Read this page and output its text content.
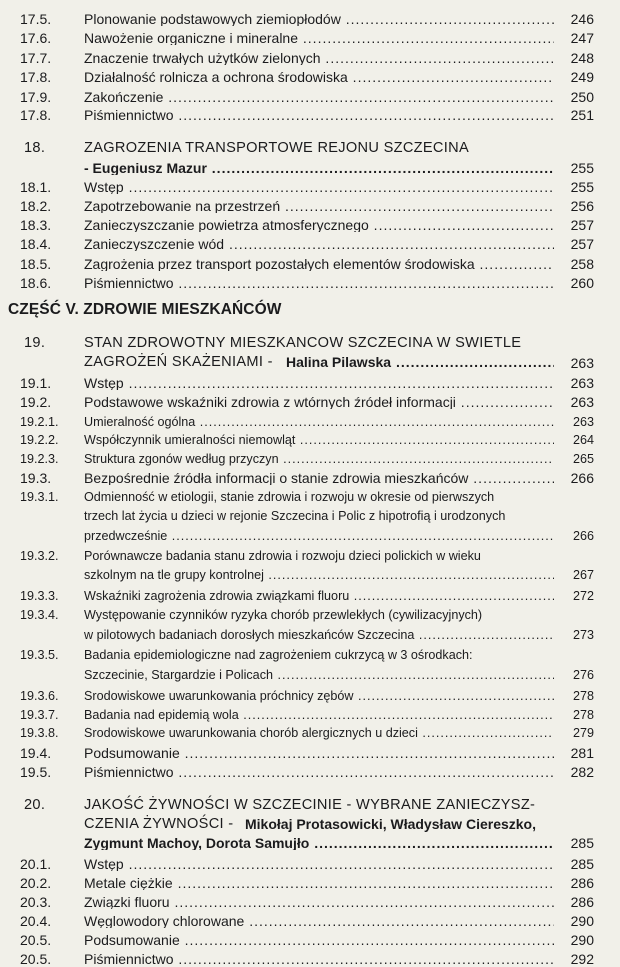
17.5. Plonowanie podstawowych ziemiopłodów .....	246
17.6. Nawożenie organiczne i mineralne .....	247
17.7. Znaczenie trwałych użytków zielonych .....	248
17.8. Działalność rolnicza a ochrona środowiska .....	249
17.9. Zakończenie .....	250
17.8. Piśmiennictwo .....	251
18.	ZAGROŻENIA TRANSPORTOWE REJONU SZCZECINA
- Eugeniusz Mazur .....	255
18.1. Wstęp .....	255
18.2. Zapotrzebowanie na przestrzeń .....	256
18.3. Zanieczyszczanie powietrza atmosferycznego .....	257
18.4. Zanieczyszczenie wód .....	257
18.5. Zagrożenia przez transport pozostałych elementów środowiska .....	258
18.6. Piśmiennictwo .....	260
CZĘŚĆ V. ZDROWIE MIESZKAŃCÓW
19.	STAN ZDROWOTNY MIESZKAŃCÓW SZCZECINA W ŚWIETLE
ZAGROŻEŃ SKAŻENIAMI - Halina Pilawska .....	263
19.1. Wstęp .....	263
19.2. Podstawowe wskaźniki zdrowia z wtórnych źródeł informacji .....	263
19.2.1. Umieralność ogólna .....	263
19.2.2. Współczynnik umieralności niemowląt .....	264
19.2.3. Struktura zgonów według przyczyn .....	265
19.3. Bezpośrednie źródła informacji o stanie zdrowia mieszkańców .....	266
19.3.1. Odmienność w etiologii, stanie zdrowia i rozwoju w okresie od pierwszych
trzech lat życia u dzieci w rejonie Szczecina i Polic z hipotrofią i urodzonych
przedwcześnie .....	266
19.3.2. Porównawcze badania stanu zdrowia i rozwoju dzieci polickich w wieku
szkolnym na tle grupy kontrolnej .....	267
19.3.3. Wskaźniki zagrożenia zdrowia związkami fluoru .....	272
19.3.4. Występowanie czynników ryzyka chorób przewlekłych (cywilizacyjnych)
w pilotowych badaniach dorosłych mieszkańców Szczecina .....	273
19.3.5. Badania epidemiologiczne nad zagrożeniem cukrzycą w 3 ośrodkach:
Szczecinie, Stargardzie i Policach .....	276
19.3.6. Środowiskowe uwarunkowania próchnicy zębów .....	278
19.3.7. Badania nad epidemią wola .....	278
19.3.8. Środowiskowe uwarunkowania chorób alergicznych u dzieci .....	279
19.4. Podsumowanie .....	281
19.5. Piśmiennictwo .....	282
20.	JAKOŚĆ ŻYWNOŚCI W SZCZECINIE - WYBRANE ZANIECZYSZ-
CZENIA ŻYWNOŚCI - Mikołaj Protasowicki, Władysław Ciereszko,
Zygmunt Machoy, Dorota Samujło .....	285
20.1. Wstęp .....	285
20.2. Metale ciężkie .....	286
20.3. Związki fluoru .....	286
20.4. Węglowodory chlorowane .....	290
20.5. Podsumowanie .....	290
20.5. Piśmiennictwo .....	292
